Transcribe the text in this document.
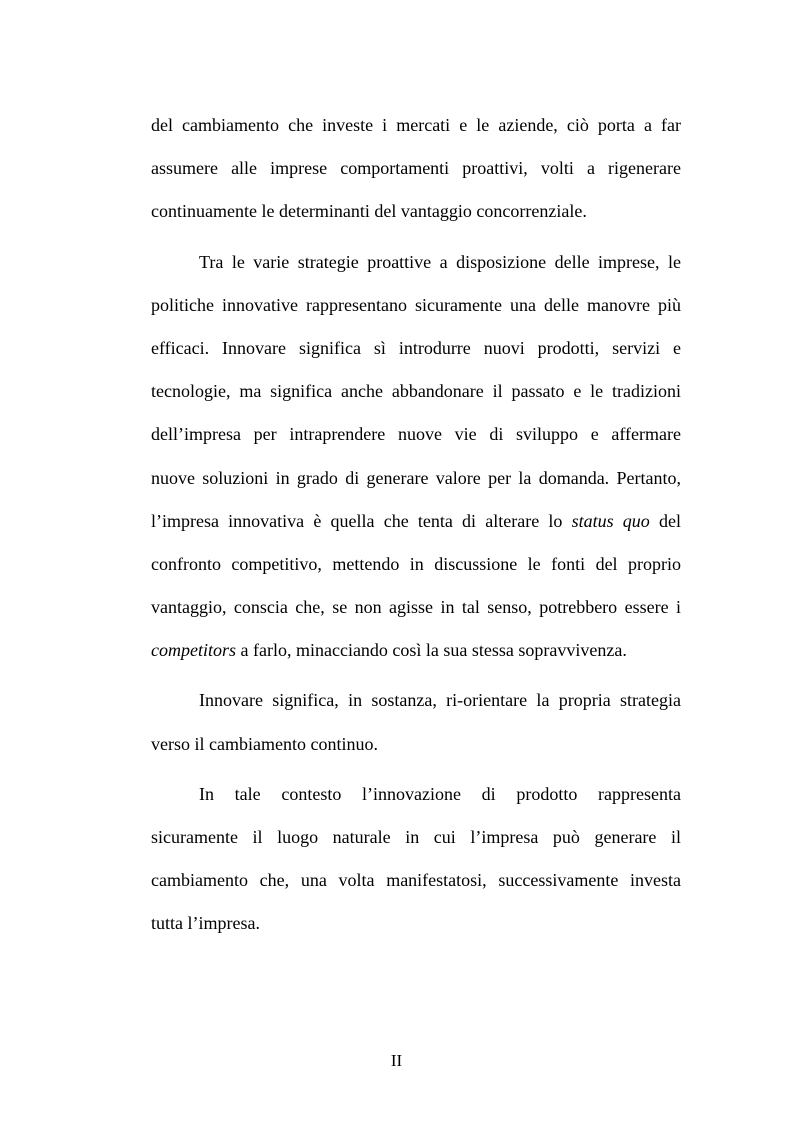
del cambiamento che investe i mercati e le aziende, ciò porta a far
assumere alle imprese comportamenti proattivi, volti a rigenerare
continuamente le determinanti del vantaggio concorrenziale.
Tra le varie strategie proattive a disposizione delle imprese, le
politiche innovative rappresentano sicuramente una delle manovre più
efficaci. Innovare significa sì introdurre nuovi prodotti, servizi e
tecnologie, ma significa anche abbandonare il passato e le tradizioni
dell’impresa per intraprendere nuove vie di sviluppo e affermare
nuove soluzioni in grado di generare valore per la domanda. Pertanto,
l’impresa innovativa è quella che tenta di alterare lo status quo del
confronto competitivo, mettendo in discussione le fonti del proprio
vantaggio, conscia che, se non agisse in tal senso, potrebbero essere i
competitors a farlo, minacciando così la sua stessa sopravvivenza.
Innovare significa, in sostanza, ri-orientare la propria strategia
verso il cambiamento continuo.
In tale contesto l’innovazione di prodotto rappresenta
sicuramente il luogo naturale in cui l’impresa può generare il
cambiamento che, una volta manifestatosi, successivamente investa
tutta l’impresa.
II
